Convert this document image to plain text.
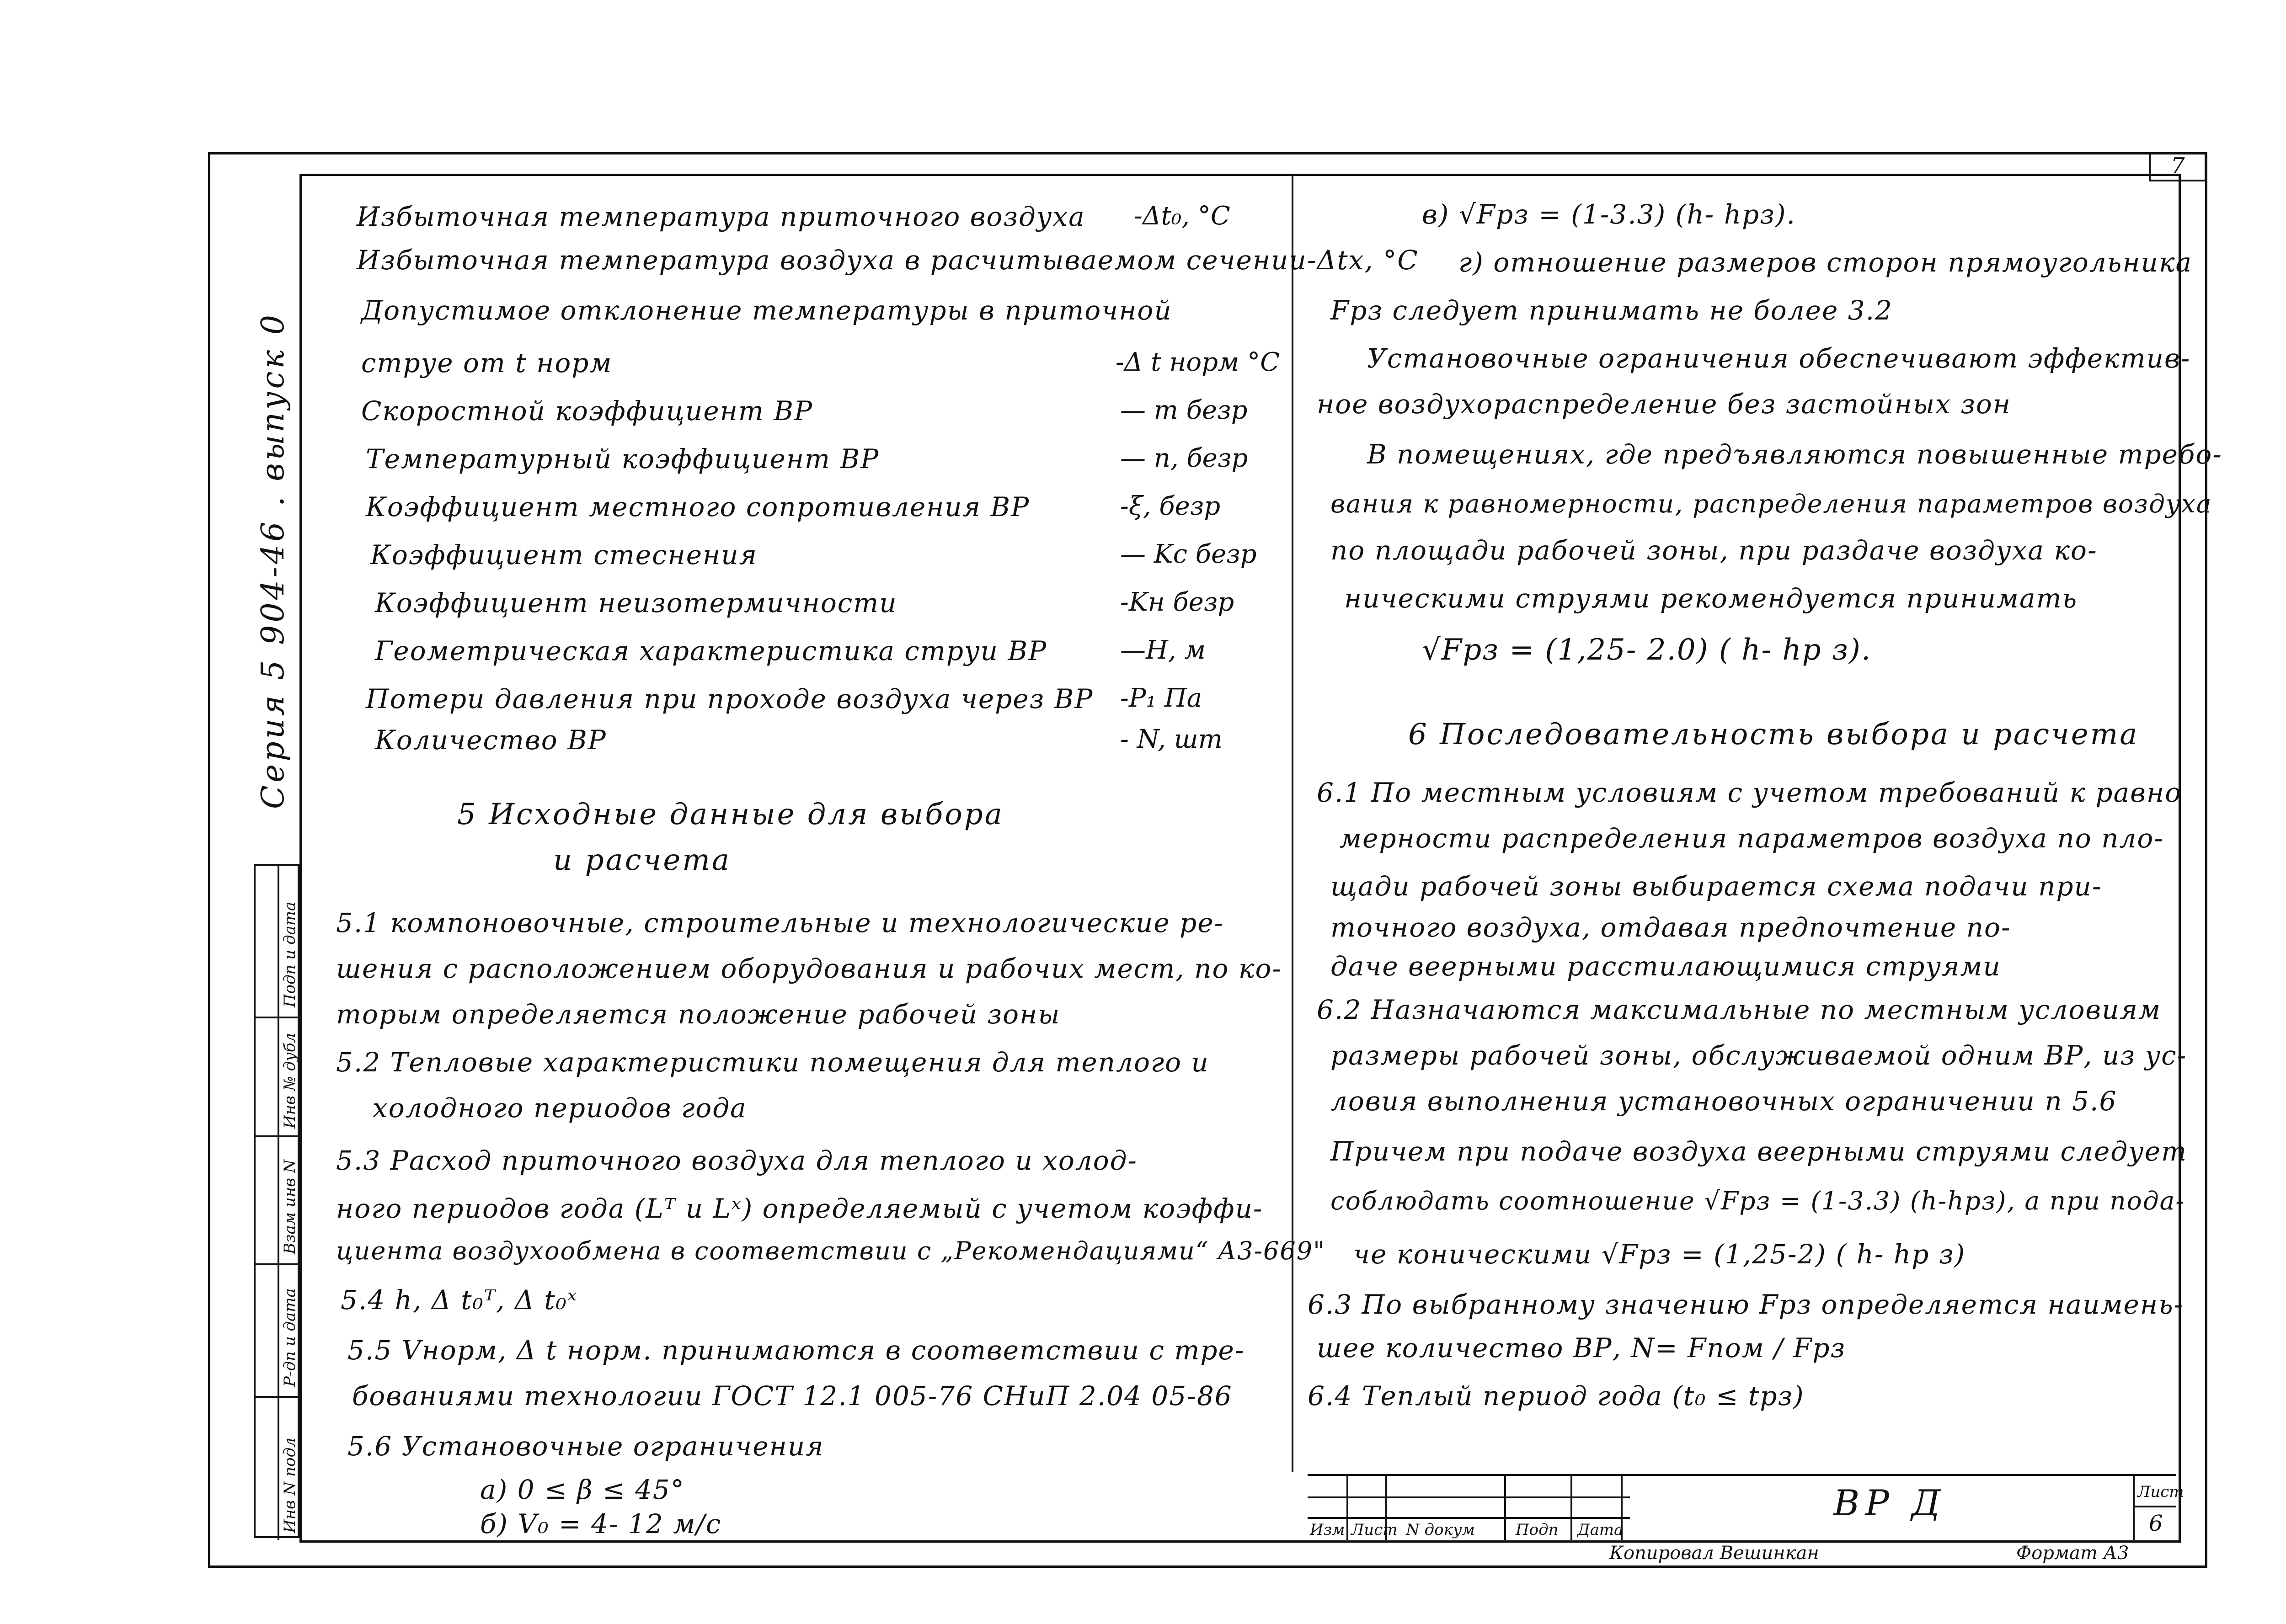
7
Серия 5 904-46 . выпуск 0
Подп и дата
Инв № дубл
Взам инв N
Р-дп и дата
Инв N подл
Избыточная температура приточного воздуха -Δt₀, °C
Избыточная температура воздуха в расчитываемом сечении-Δtx, °C
Допустимое отклонение температуры в приточной
струе от t норм	-Δ t норм °C
Скоростной коэффициент ВР	— m безр
Температурный коэффициент ВР	— n, безр
Коэффициент местного сопротивления ВР	-ξ, безр
Коэффициент стеснения	— Kc безр
Коэффициент неизотермичности	-Kн безр
Геометрическая характеристика струи ВР	—H, м
Потери давления при проходе воздуха через ВР -P₁ Па
Количество ВР	- N, шт
5 Исходные данные для выбора
и расчета
5.1 компоновочные, строительные и технологические ре-
шения с расположением оборудования и рабочих мест, по ко-
торым определяется положение рабочей зоны
5.2 Тепловые характеристики помещения для теплого и
холодного периодов года
5.3 Расход приточного воздуха для теплого и холод-
ного периодов года (Lᵀ u Lˣ) определяемый с учетом коэффи-
циента воздухообмена в соответствии с „Рекомендациями“ А3-669"
5.4 h, Δ t₀ᵀ, Δ t₀ˣ
5.5 Vнорм, Δ t норм. принимаются в соответствии с тре-
бованиями технологии ГОСТ 12.1 005-76 СНиП 2.04 05-86
5.6 Установочные ограничения
а) 0 ≤ β ≤ 45°
б) V₀ = 4- 12 м/с
в) √Fрз = (1-3.3) (h- hрз).
г) отношение размеров сторон прямоугольника
Fрз следует принимать не более 3.2
Установочные ограничения обеспечивают эффектив-
ное воздухораспределение без застойных зон
В помещениях, где предъявляются повышенные требо-
вания к равномерности, распределения параметров воздуха
по площади рабочей зоны, при раздаче воздуха ко-
ническими струями рекомендуется принимать
√Fрз = (1,25- 2.0) ( h- hр з).
6 Последовательность выбора и расчета
6.1 По местным условиям с учетом требований к равно
мерности распределения параметров воздуха по пло-
щади рабочей зоны выбирается схема подачи при-
точного воздуха, отдавая предпочтение по-
даче веерными расстилающимися струями
6.2 Назначаются максимальные по местным условиям
размеры рабочей зоны, обслуживаемой одним ВР, из ус-
ловия выполнения установочных ограничении п 5.6
Причем при подаче воздуха веерными струями следует
соблюдать соотношение √Fрз = (1-3.3) (h-hрз), а при пода-
че коническими √Fрз = (1,25-2) ( h- hр з)
6.3 По выбранному значению Fрз определяется наимень-
шее количество ВР, N= Fпом / Fрз
6.4 Теплый период года (t₀ ≤ tрз)
Изм Лист N докум	Подп Дата
ВР Д	Лист
6
Копировал Вешинкан	Формат А3
